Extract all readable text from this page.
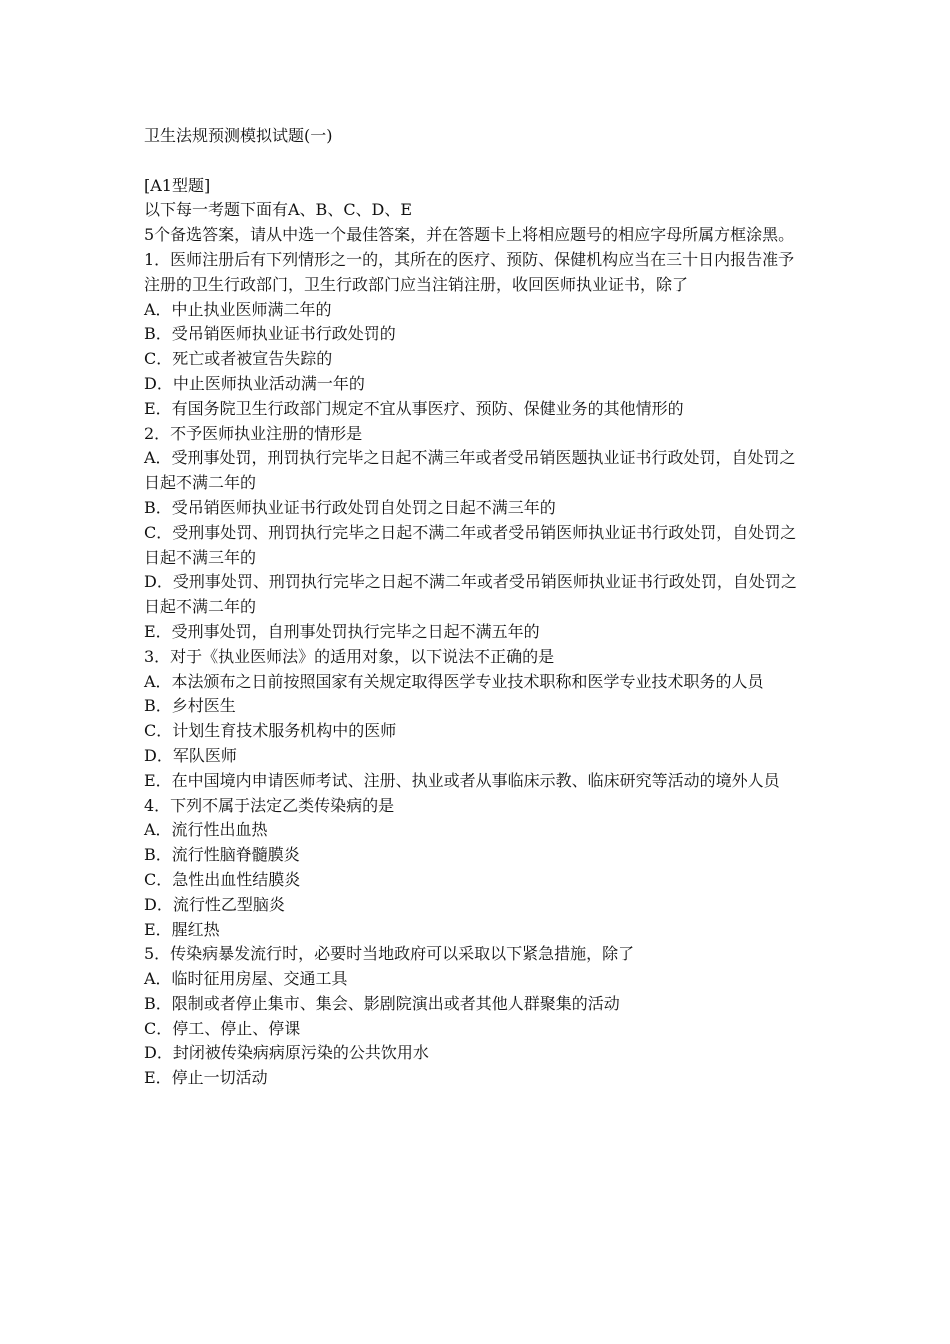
卫生法规预测模拟试题(一)

[A1型题]

以下每一考题下面有A、B、C、D、E

5个备选答案，请从中选一个最佳答案，并在答题卡上将相应题号的相应字母所属方框涂黑。

1．医师注册后有下列情形之一的，其所在的医疗、预防、保健机构应当在三十日内报告准予注册的卫生行政部门，卫生行政部门应当注销注册，收回医师执业证书，除了

A．中止执业医师满二年的

B．受吊销医师执业证书行政处罚的

C．死亡或者被宣告失踪的

D．中止医师执业活动满一年的

E．有国务院卫生行政部门规定不宜从事医疗、预防、保健业务的其他情形的

2．不予医师执业注册的情形是

A．受刑事处罚，刑罚执行完毕之日起不满三年或者受吊销医题执业证书行政处罚，自处罚之日起不满二年的

B．受吊销医师执业证书行政处罚自处罚之日起不满三年的

C．受刑事处罚、刑罚执行完毕之日起不满二年或者受吊销医师执业证书行政处罚，自处罚之日起不满三年的

D．受刑事处罚、刑罚执行完毕之日起不满二年或者受吊销医师执业证书行政处罚，自处罚之日起不满二年的

E．受刑事处罚，自刑事处罚执行完毕之日起不满五年的

3．对于《执业医师法》的适用对象，以下说法不正确的是

A．本法颁布之日前按照国家有关规定取得医学专业技术职称和医学专业技术职务的人员

B．乡村医生

C．计划生育技术服务机构中的医师

D．军队医师

E．在中国境内申请医师考试、注册、执业或者从事临床示教、临床研究等活动的境外人员

4．下列不属于法定乙类传染病的是

A．流行性出血热

B．流行性脑脊髓膜炎

C．急性出血性结膜炎

D．流行性乙型脑炎

E．腥红热

5．传染病暴发流行时，必要时当地政府可以采取以下紧急措施，除了

A．临时征用房屋、交通工具

B．限制或者停止集市、集会、影剧院演出或者其他人群聚集的活动

C．停工、停止、停课

D．封闭被传染病病原污染的公共饮用水

E．停止一切活动
